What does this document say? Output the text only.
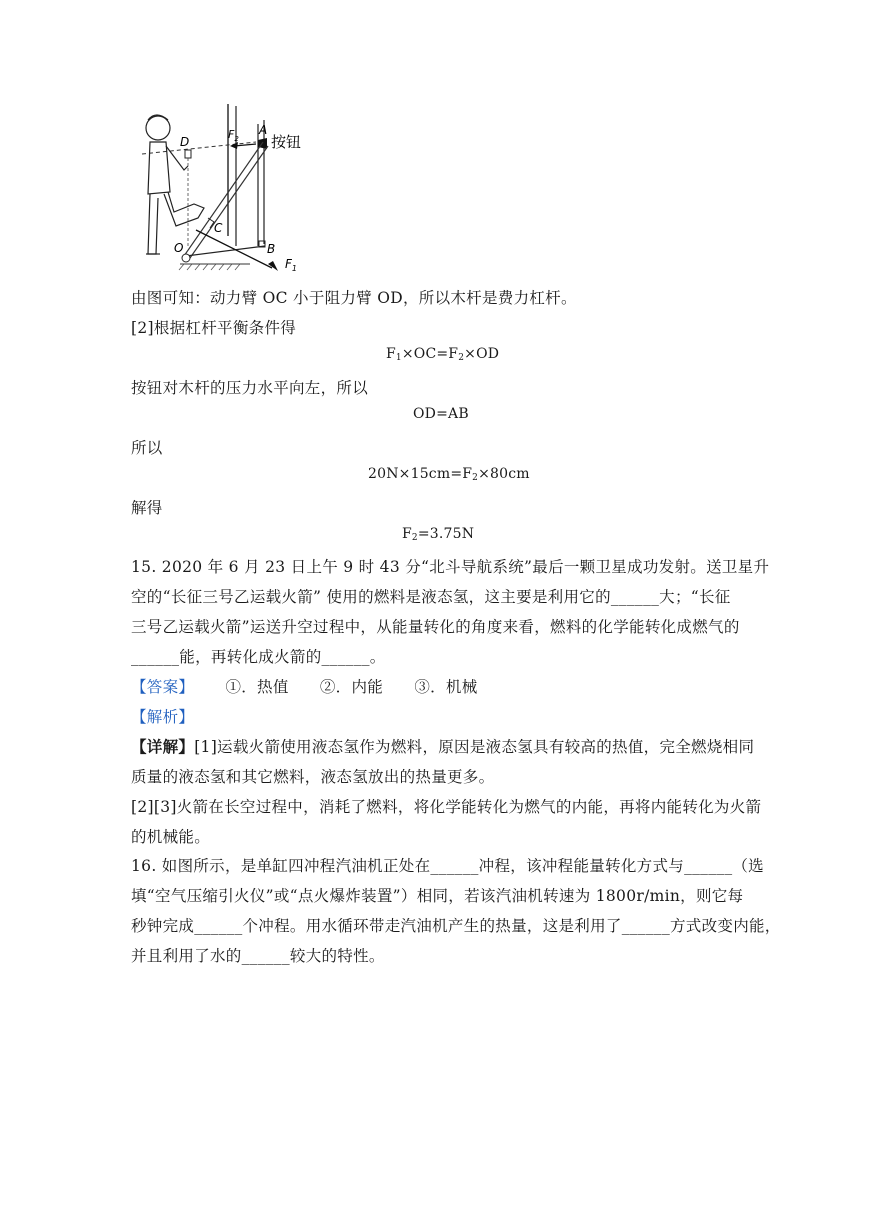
D
$F_2$
A
按钮
C
O	B
$F_1$
由图可知：动力臂 OC 小于阻力臂 OD，所以木杆是费力杠杆。
[2]根据杠杆平衡条件得
$F_1\times OC=F_2\times OD$
按钮对木杆的压力水平向左，所以
OD=AB
所以
$20N\times 15cm=F_2\times 80cm$
解得
$F_2=3.75N$
15. 2020 年 6 月 23 日上午 9 时 43 分“北斗导航系统”最后一颗卫星成功发射。送卫星升
空的“长征三号乙运载火箭” 使用的燃料是液态氢，这主要是利用它的______大；“长征
三号乙运载火箭”运送升空过程中，从能量转化的角度来看，燃料的化学能转化成燃气的
______能，再转化成火箭的______。
【答案】 ①．热值 ②．内能 ③．机械
【解析】
【详解】[1]运载火箭使用液态氢作为燃料，原因是液态氢具有较高的热值，完全燃烧相同
质量的液态氢和其它燃料，液态氢放出的热量更多。
[2][3]火箭在长空过程中，消耗了燃料，将化学能转化为燃气的内能，再将内能转化为火箭
的机械能。
16. 如图所示，是单缸四冲程汽油机正处在______冲程，该冲程能量转化方式与______（选
填“空气压缩引火仪”或“点火爆炸装置”）相同，若该汽油机转速为 1800r/min，则它每
秒钟完成______个冲程。用水循环带走汽油机产生的热量，这是利用了______方式改变内能，
并且利用了水的______较大的特性。
